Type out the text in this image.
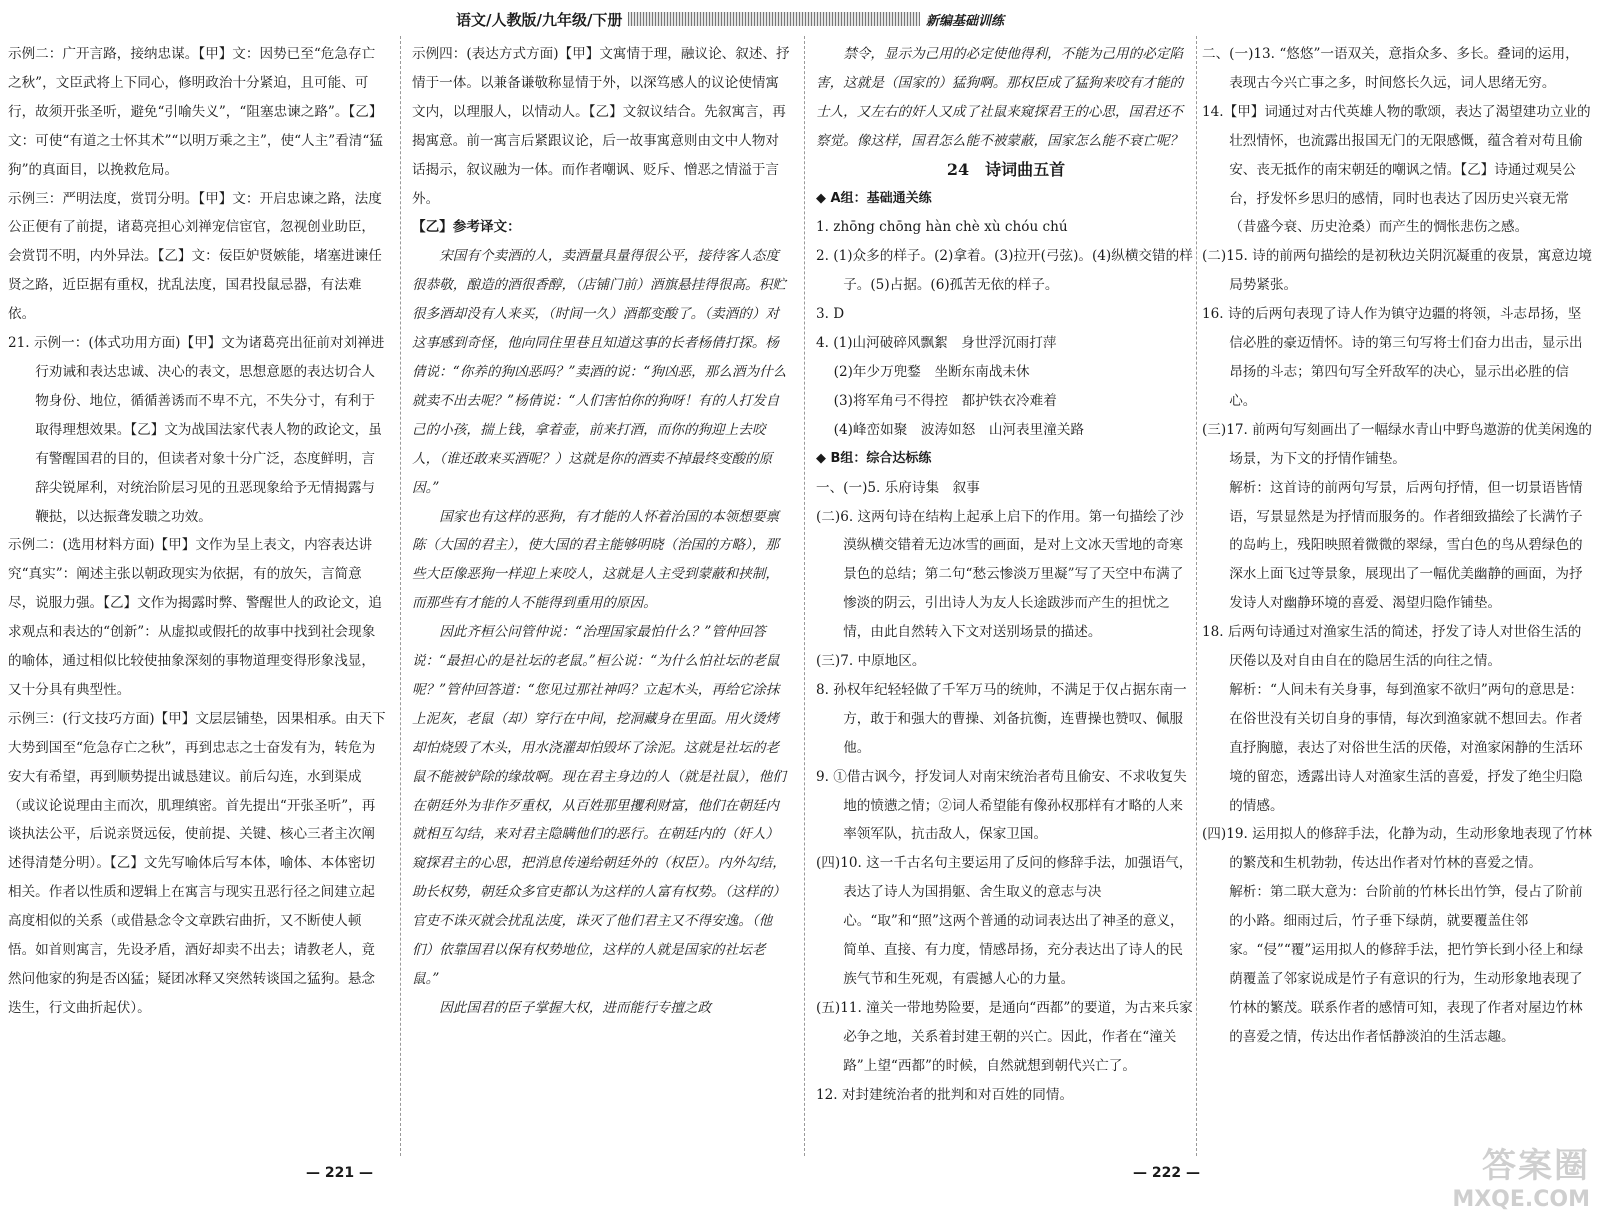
语文/人教版/九年级/下册	新编基础训练

示例二：广开言路，接纳忠谋。【甲】文：因势已至“危急存亡之秋”，文臣武将上下同心，修明政治十分紧迫，且可能、可行，故须开张圣听，避免“引喻失义”，“阻塞忠谏之路”。【乙】文：可使“有道之士怀其术”“以明万乘之主”，使“人主”看清“猛狗”的真面目，以挽救危局。

示例三：严明法度，赏罚分明。【甲】文：开启忠谏之路，法度公正便有了前提，诸葛亮担心刘禅宠信宦官，忽视创业助臣，会赏罚不明，内外异法。【乙】文：佞臣妒贤嫉能，堵塞进谏任贤之路，近臣据有重权，扰乱法度，国君投鼠忌器，有法难依。

21. 示例一：(体式功用方面)【甲】文为诸葛亮出征前对刘禅进行劝诫和表达忠诚、决心的表文，思想意愿的表达切合人物身份、地位，循循善诱而不卑不亢，不失分寸，有利于取得理想效果。【乙】文为战国法家代表人物的政论文，虽有警醒国君的目的，但读者对象十分广泛，态度鲜明，言辞尖锐犀利，对统治阶层习见的丑恶现象给予无情揭露与鞭挞，以达振聋发聩之功效。

示例二：(选用材料方面)【甲】文作为呈上表文，内容表达讲究“真实”：阐述主张以朝政现实为依据，有的放矢，言简意尽，说服力强。【乙】文作为揭露时弊、警醒世人的政论文，追求观点和表达的“创新”：从虚拟或假托的故事中找到社会现象的喻体，通过相似比较使抽象深刻的事物道理变得形象浅显，又十分具有典型性。

示例三：(行文技巧方面)【甲】文层层铺垫，因果相承。由天下大势到国至“危急存亡之秋”，再到忠志之士奋发有为，转危为安大有希望，再到顺势提出诚恳建议。前后勾连，水到渠成（或议论说理由主而次，肌理缜密。首先提出“开张圣听”，再谈执法公平，后说亲贤远佞，使前提、关键、核心三者主次阐述得清楚分明）。【乙】文先写喻体后写本体，喻体、本体密切相关。作者以性质和逻辑上在寓言与现实丑恶行径之间建立起高度相似的关系（或借悬念令文章跌宕曲折，又不断使人顿悟。如首则寓言，先设矛盾，酒好却卖不出去；请教老人，竟然问他家的狗是否凶猛；疑团冰释又突然转谈国之猛狗。悬念迭生，行文曲折起伏）。

示例四：(表达方式方面)【甲】文寓情于理，融议论、叙述、抒情于一体。以兼备谦敬称显情于外，以深笃感人的议论使情寓文内，以理服人，以情动人。【乙】文叙议结合。先叙寓言，再揭寓意。前一寓言后紧跟议论，后一故事寓意则由文中人物对话揭示，叙议融为一体。而作者嘲讽、贬斥、憎恶之情溢于言外。

【乙】参考译文：

宋国有个卖酒的人，卖酒量具量得很公平，接待客人态度很恭敬，酿造的酒很香醇，（店铺门前）酒旗悬挂得很高。积贮很多酒却没有人来买，（时间一久）酒都变酸了。（卖酒的）对这事感到奇怪，他向同住里巷且知道这事的长者杨倩打探。杨倩说：“你养的狗凶恶吗？”卖酒的说：“狗凶恶，那么酒为什么就卖不出去呢？”杨倩说：“人们害怕你的狗呀！有的人打发自己的小孩，揣上钱，拿着壶，前来打酒，而你的狗迎上去咬人，（谁还敢来买酒呢？）这就是你的酒卖不掉最终变酸的原因。”

国家也有这样的恶狗，有才能的人怀着治国的本领想要禀陈（大国的君主），使大国的君主能够明晓（治国的方略），那些大臣像恶狗一样迎上来咬人，这就是人主受到蒙蔽和挟制，而那些有才能的人不能得到重用的原因。

因此齐桓公问管仲说：“治理国家最怕什么？”管仲回答说：“最担心的是社坛的老鼠。”桓公说：“为什么怕社坛的老鼠呢？”管仲回答道：“您见过那社神吗？立起木头，再给它涂抹上泥灰，老鼠（却）穿行在中间，挖洞藏身在里面。用火烫烤却怕烧毁了木头，用水浇灌却怕毁坏了涂泥。这就是社坛的老鼠不能被铲除的缘故啊。现在君主身边的人（就是社鼠），他们在朝廷外为非作歹重权，从百姓那里攫利财富，他们在朝廷内就相互勾结，来对君主隐瞒他们的恶行。在朝廷内的（奸人）窥探君主的心思，把消息传递给朝廷外的（权臣）。内外勾结，助长权势，朝廷众多官吏都认为这样的人富有权势。（这样的）官吏不诛灭就会扰乱法度，诛灭了他们君主又不得安逸。（他们）依靠国君以保有权势地位，这样的人就是国家的社坛老鼠。”

因此国君的臣子掌握大权，进而能行专擅之政

禁令，显示为己用的必定使他得利，不能为己用的必定陷害，这就是（国家的）猛狗啊。那权臣成了猛狗来咬有才能的士人，又左右的奸人又成了社鼠来窥探君王的心思，国君还不察觉。像这样，国君怎么能不被蒙蔽，国家怎么能不衰亡呢？

24　诗词曲五首

◆ A组：基础通关练

1. zhōng chōng hàn chè xù chóu chú

2. (1)众多的样子。(2)拿着。(3)拉开(弓弦)。(4)纵横交错的样子。(5)占据。(6)孤苦无依的样子。

3. D

4. (1)山河破碎风飘絮　身世浮沉雨打萍

(2)年少万兜鍪　坐断东南战未休

(3)将军角弓不得控　都护铁衣冷难着

(4)峰峦如聚　波涛如怒　山河表里潼关路

◆ B组：综合达标练

一、(一)5. 乐府诗集　叙事

(二)6. 这两句诗在结构上起承上启下的作用。第一句描绘了沙漠纵横交错着无边冰雪的画面，是对上文冰天雪地的奇寒景色的总结；第二句“愁云惨淡万里凝”写了天空中布满了惨淡的阴云，引出诗人为友人长途跋涉而产生的担忧之情，由此自然转入下文对送别场景的描述。

(三)7. 中原地区。

8. 孙权年纪轻轻做了千军万马的统帅，不满足于仅占据东南一方，敢于和强大的曹操、刘备抗衡，连曹操也赞叹、佩服他。

9. ①借古讽今，抒发词人对南宋统治者苟且偷安、不求收复失地的愤懑之情；②词人希望能有像孙权那样有才略的人来率领军队，抗击敌人，保家卫国。

(四)10. 这一千古名句主要运用了反问的修辞手法，加强语气，表达了诗人为国捐躯、舍生取义的意志与决心。“取”和“照”这两个普通的动词表达出了神圣的意义，简单、直接、有力度，情感昂扬，充分表达出了诗人的民族气节和生死观，有震撼人心的力量。

(五)11. 潼关一带地势险要，是通向“西都”的要道，为古来兵家必争之地，关系着封建王朝的兴亡。因此，作者在“潼关路”上望“西都”的时候，自然就想到朝代兴亡了。

12. 对封建统治者的批判和对百姓的同情。

二、(一)13. “悠悠”一语双关，意指众多、多长。叠词的运用，表现古今兴亡事之多，时间悠长久远，词人思绪无穷。

14.【甲】词通过对古代英雄人物的歌颂，表达了渴望建功立业的壮烈情怀，也流露出报国无门的无限感慨，蕴含着对苟且偷安、丧无抵作的南宋朝廷的嘲讽之情。【乙】诗通过观吴公台，抒发怀乡思归的感情，同时也表达了因历史兴衰无常（昔盛今衰、历史沧桑）而产生的惆怅悲伤之感。

(二)15. 诗的前两句描绘的是初秋边关阴沉凝重的夜景，寓意边境局势紧张。

16. 诗的后两句表现了诗人作为镇守边疆的将领，斗志昂扬，坚信必胜的豪迈情怀。诗的第三句写将士们奋力出击，显示出昂扬的斗志；第四句写全歼敌军的决心，显示出必胜的信心。

(三)17. 前两句写刻画出了一幅绿水青山中野鸟遨游的优美闲逸的场景，为下文的抒情作铺垫。

解析：这首诗的前两句写景，后两句抒情，但一切景语皆情语，写景显然是为抒情而服务的。作者细致描绘了长满竹子的岛屿上，残阳映照着微微的翠绿，雪白色的鸟从碧绿色的深水上面飞过等景象，展现出了一幅优美幽静的画面，为抒发诗人对幽静环境的喜爱、渴望归隐作铺垫。

18. 后两句诗通过对渔家生活的简述，抒发了诗人对世俗生活的厌倦以及对自由自在的隐居生活的向往之情。

解析：“人间未有关身事，每到渔家不欲归”两句的意思是：在俗世没有关切自身的事情，每次到渔家就不想回去。作者直抒胸臆，表达了对俗世生活的厌倦，对渔家闲静的生活环境的留恋，透露出诗人对渔家生活的喜爱，抒发了绝尘归隐的情感。

(四)19. 运用拟人的修辞手法，化静为动，生动形象地表现了竹林的繁茂和生机勃勃，传达出作者对竹林的喜爱之情。

解析：第二联大意为：台阶前的竹林长出竹笋，侵占了阶前的小路。细雨过后，竹子垂下绿荫，就要覆盖住邻家。“侵”“覆”运用拟人的修辞手法，把竹笋长到小径上和绿荫覆盖了邻家说成是竹子有意识的行为，生动形象地表现了竹林的繁茂。联系作者的感情可知，表现了作者对屋边竹林的喜爱之情，传达出作者恬静淡泊的生活志趣。

— 221 —	— 222 —	答案圈
MXQE.COM
